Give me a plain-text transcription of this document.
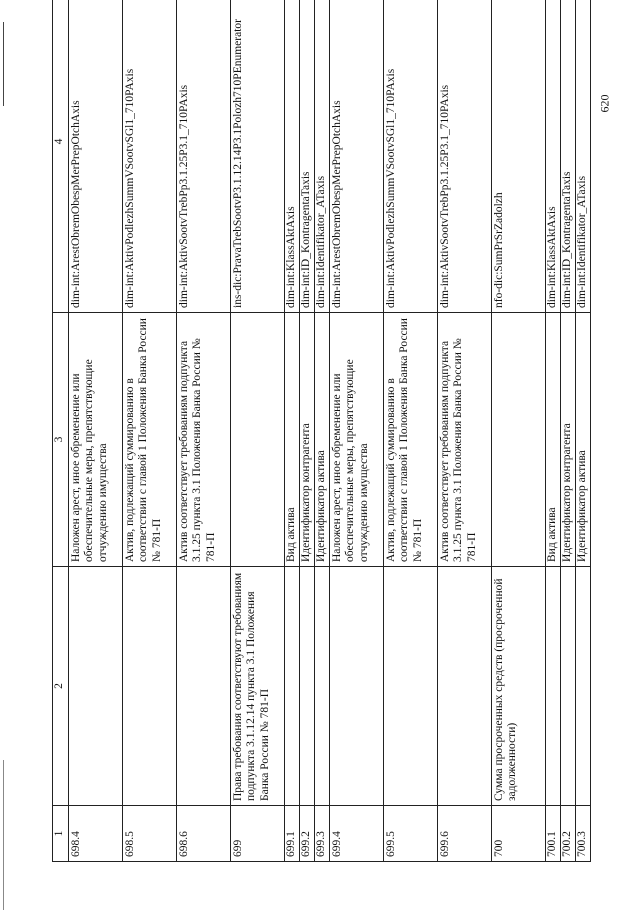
620
1	2	3	4
698.4		Наложен арест, иное обременение или обеспечительные меры, препятствующие отчуждению имущества	dim-int:ArestObremObespMerPrepOtchAxis
698.5		Актив, подлежащий суммированию в соответствии с главой 1 Положения Банка России № 781-П	dim-int:AktivPodlezhSummVSootvSGl1_710PAxis
698.6		Актив соответствует требованиям подпункта 3.1.25 пункта 3.1 Положения Банка России № 781-П	dim-int:AktivSootvTrebPp3.1.25P3.1_710PAxis
699	Права требования соответствуют требованиям подпункта 3.1.12.14 пункта 3.1 Положения Банка России № 781-П		ins-dic:PravaTrebSootvP3.1.12.14P3.1Polozh710PEnumerator
699.1		Вид актива	dim-int:KlassAktAxis
699.2		Идентификатор контрагента	dim-int:ID_KontragentaTaxis
699.3		Идентификатор актива	dim-int:Identifikator_ATaxis
699.4		Наложен арест, иное обременение или обеспечительные меры, препятствующие отчуждению имущества	dim-int:ArestObremObespMerPrepOtchAxis
699.5		Актив, подлежащий суммированию в соответствии с главой 1 Положения Банка России № 781-П	dim-int:AktivPodlezhSummVSootvSGl1_710PAxis
699.6		Актив соответствует требованиям подпункта 3.1.25 пункта 3.1 Положения Банка России № 781-П	dim-int:AktivSootvTrebPp3.1.25P3.1_710PAxis
700	Сумма просроченных средств (просроченной задолженности)		nfo-dic:SumPrSrZadolzh
700.1		Вид актива	dim-int:KlassAktAxis
700.2		Идентификатор контрагента	dim-int:ID_KontragentaTaxis
700.3		Идентификатор актива	dim-int:Identifikator_ATaxis
